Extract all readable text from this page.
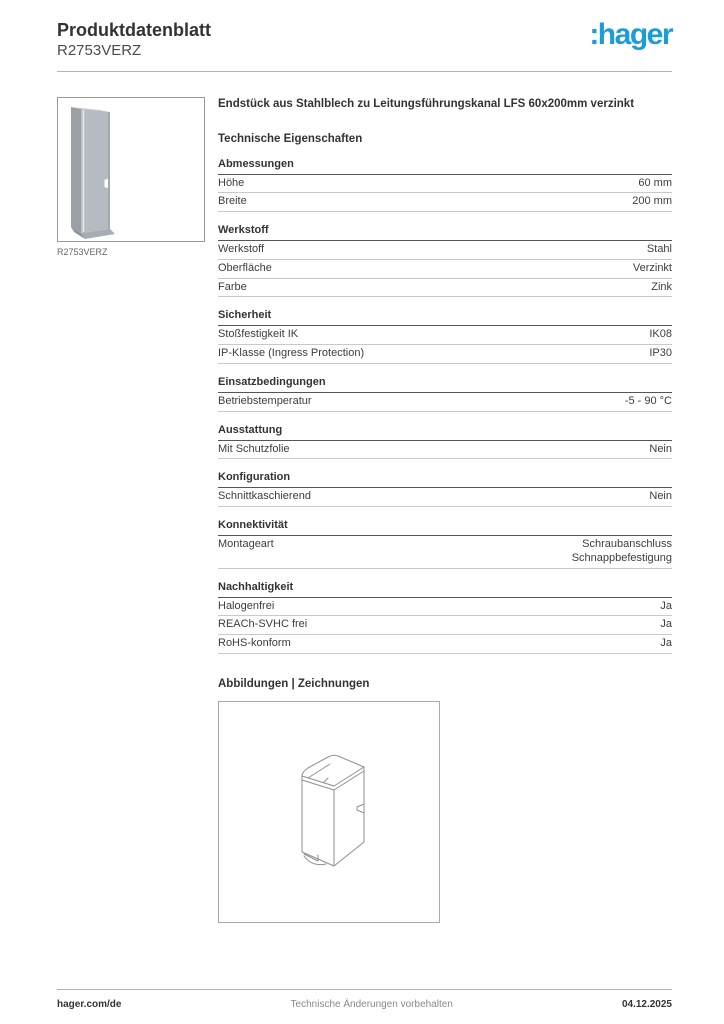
Produktdatenblatt
R2753VERZ	:hager
R2753VERZ
Endstück aus Stahlblech zu Leitungsführungskanal LFS 60x200mm verzinkt
Technische Eigenschaften
Abmessungen
Höhe	60 mm
Breite	200 mm
Werkstoff
Werkstoff	Stahl
Oberfläche	Verzinkt
Farbe	Zink
Sicherheit
Stoßfestigkeit IK	IK08
IP-Klasse (Ingress Protection)	IP30
Einsatzbedingungen
Betriebstemperatur	-5 - 90 °C
Ausstattung
Mit Schutzfolie	Nein
Konfiguration
Schnittkaschierend	Nein
Konnektivität
Montageart	Schraubanschluss
Schnappbefestigung
Nachhaltigkeit
Halogenfrei	Ja
REACh-SVHC frei	Ja
RoHS-konform	Ja
Abbildungen | Zeichnungen
hager.com/de	Technische Änderungen vorbehalten	04.12.2025
